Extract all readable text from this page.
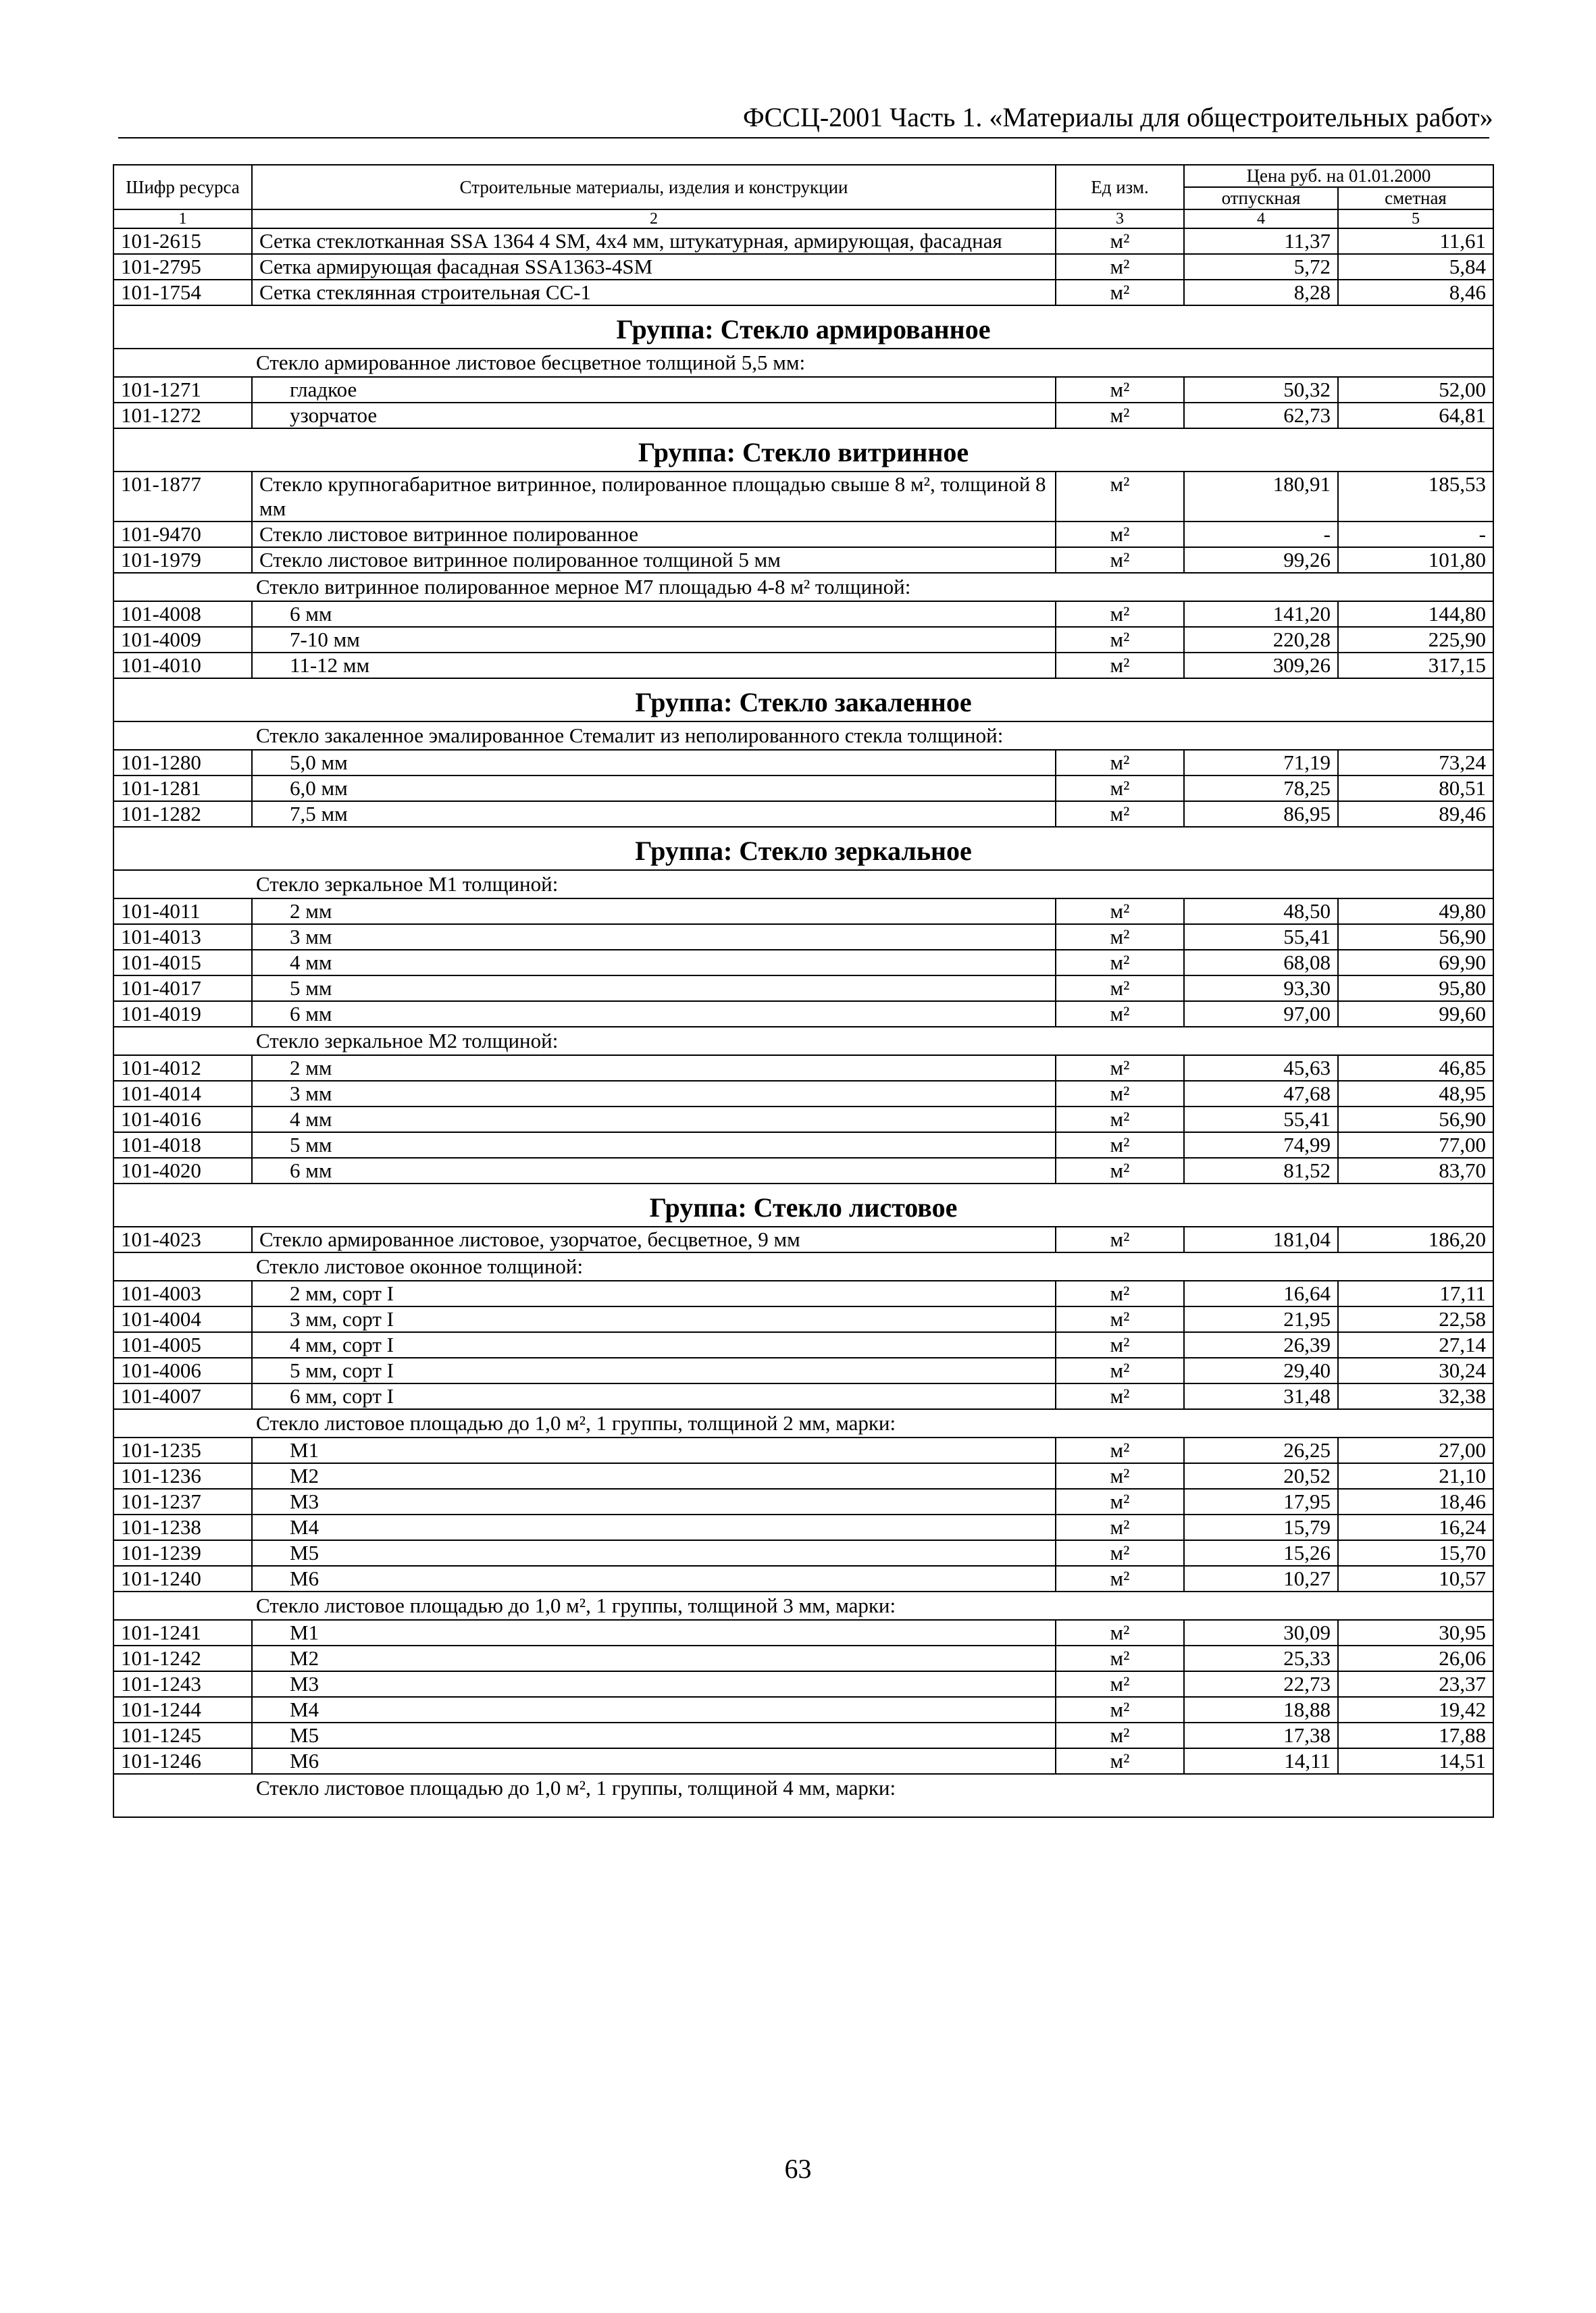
ФССЦ-2001 Часть 1. «Материалы для общестроительных работ»
Шифр ресурса	Строительные материалы, изделия и конструкции	Ед изм.	Цена руб. на 01.01.2000	
			отпускная	сметная
1	2	3	4	5
101-2615	Сетка стеклотканная SSA 1364 4 SM, 4x4 мм, штукатурная, армирующая, фасадная	м²	11,37	11,61
101-2795	Сетка армирующая фасадная SSA1363-4SM	м²	5,72	5,84
101-1754	Сетка стеклянная строительная СС-1	м²	8,28	8,46
Группа: Стекло армированное				
Стекло армированное листовое бесцветное толщиной 5,5 мм:				
101-1271	гладкое	м²	50,32	52,00
101-1272	узорчатое	м²	62,73	64,81
Группа: Стекло витринное				
101-1877	Стекло крупногабаритное витринное, полированное площадью свыше 8 м², толщиной 8 мм	м²	180,91	185,53
101-9470	Стекло листовое витринное полированное	м²	-	-
101-1979	Стекло листовое витринное полированное толщиной 5 мм	м²	99,26	101,80
Стекло витринное полированное мерное М7 площадью 4-8 м² толщиной:				
101-4008	6 мм	м²	141,20	144,80
101-4009	7-10 мм	м²	220,28	225,90
101-4010	11-12 мм	м²	309,26	317,15
Группа: Стекло закаленное				
Стекло закаленное эмалированное Стемалит из неполированного стекла толщиной:				
101-1280	5,0 мм	м²	71,19	73,24
101-1281	6,0 мм	м²	78,25	80,51
101-1282	7,5 мм	м²	86,95	89,46
Группа: Стекло зеркальное				
Стекло зеркальное М1 толщиной:				
101-4011	2 мм	м²	48,50	49,80
101-4013	3 мм	м²	55,41	56,90
101-4015	4 мм	м²	68,08	69,90
101-4017	5 мм	м²	93,30	95,80
101-4019	6 мм	м²	97,00	99,60
Стекло зеркальное М2 толщиной:				
101-4012	2 мм	м²	45,63	46,85
101-4014	3 мм	м²	47,68	48,95
101-4016	4 мм	м²	55,41	56,90
101-4018	5 мм	м²	74,99	77,00
101-4020	6 мм	м²	81,52	83,70
Группа: Стекло листовое				
101-4023	Стекло армированное листовое, узорчатое, бесцветное, 9 мм	м²	181,04	186,20
Стекло листовое оконное толщиной:				
101-4003	2 мм, сорт I	м²	16,64	17,11
101-4004	3 мм, сорт I	м²	21,95	22,58
101-4005	4 мм, сорт I	м²	26,39	27,14
101-4006	5 мм, сорт I	м²	29,40	30,24
101-4007	6 мм, сорт I	м²	31,48	32,38
Стекло листовое площадью до 1,0 м², 1 группы, толщиной 2 мм, марки:				
101-1235	М1	м²	26,25	27,00
101-1236	М2	м²	20,52	21,10
101-1237	М3	м²	17,95	18,46
101-1238	М4	м²	15,79	16,24
101-1239	М5	м²	15,26	15,70
101-1240	М6	м²	10,27	10,57
Стекло листовое площадью до 1,0 м², 1 группы, толщиной 3 мм, марки:				
101-1241	М1	м²	30,09	30,95
101-1242	М2	м²	25,33	26,06
101-1243	М3	м²	22,73	23,37
101-1244	М4	м²	18,88	19,42
101-1245	М5	м²	17,38	17,88
101-1246	М6	м²	14,11	14,51
Стекло листовое площадью до 1,0 м², 1 группы, толщиной 4 мм, марки:				
63
